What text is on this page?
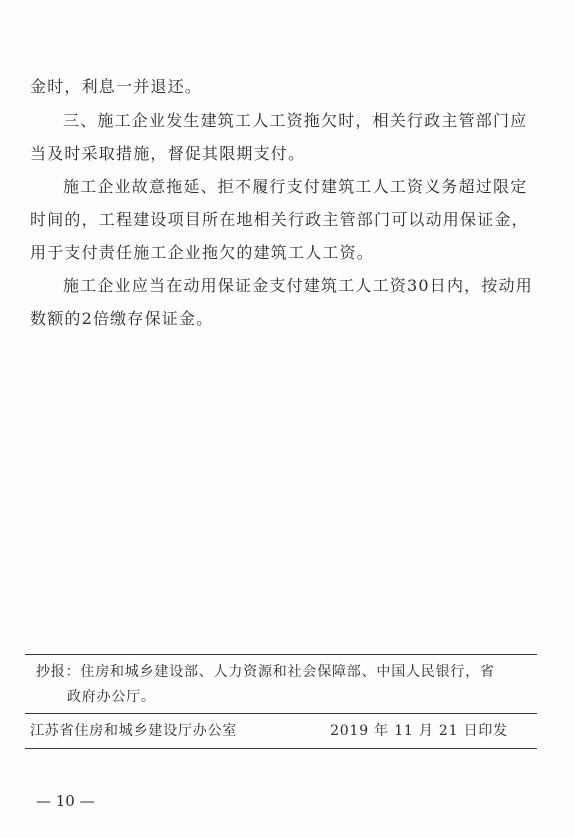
金时，利息一并退还。

三、施工企业发生建筑工人工资拖欠时，相关行政主管部门应当及时采取措施，督促其限期支付。

施工企业故意拖延、拒不履行支付建筑工人工资义务超过限定时间的，工程建设项目所在地相关行政主管部门可以动用保证金，用于支付责任施工企业拖欠的建筑工人工资。

施工企业应当在动用保证金支付建筑工人工资30日内，按动用数额的2倍缴存保证金。

抄报：住房和城乡建设部、人力资源和社会保障部、中国人民银行，省

政府办公厅。

江苏省住房和城乡建设厅办公室	2019 年 11 月 21 日印发
— 10 —
